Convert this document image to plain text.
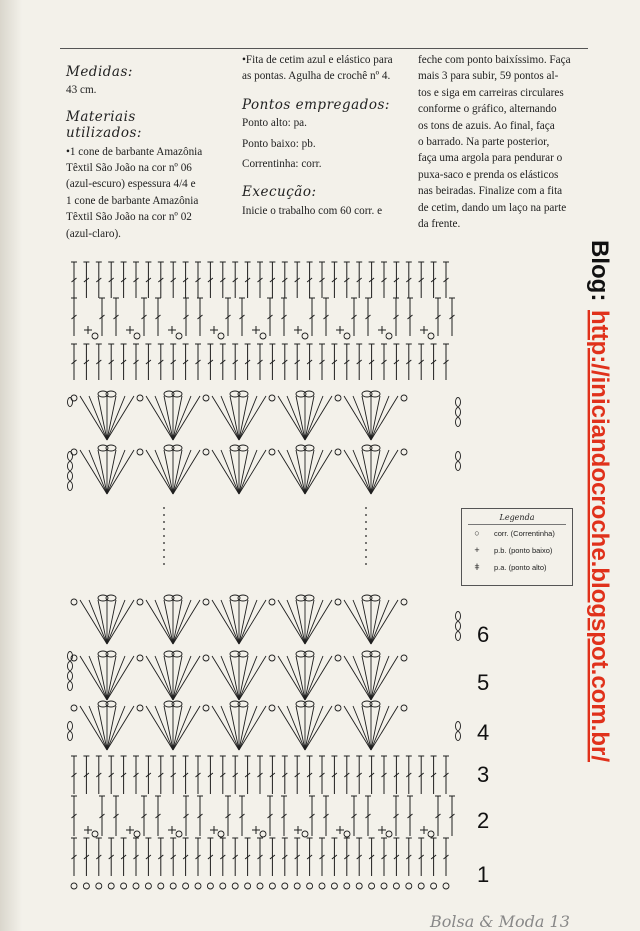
Medidas:

43 cm.

Materiais utilizados:

•1 cone de barbante Amazônia

Têxtil São João na cor nº 06

(azul-escuro) espessura 4/4 e

1 cone de barbante Amazônia

Têxtil São João na cor nº 02

(azul-claro).

•Fita de cetim azul e elástico para

as pontas. Agulha de crochê nº 4.

Pontos empregados:

Ponto alto: pa.

Ponto baixo: pb.

Correntinha: corr.

Execução:

Inicie o trabalho com 60 corr. e

feche com ponto baixíssimo. Faça

mais 3 para subir, 59 pontos al-

tos e siga em carreiras circulares

conforme o gráfico, alternando

os tons de azuis. Ao final, faça

o barrado. Na parte posterior,

faça uma argola para pendurar o

puxa-saco e prenda os elásticos

nas beiradas. Finalize com a fita

de cetim, dando um laço na parte

da frente.

6
5
4
3
2
1
Legenda
○	corr. (Correntinha)
+	p.b. (ponto baixo)
ǂ	p.a. (ponto alto)
Blog:
http://iniciandocroche.blogspot.com.br/
Bolsa & Moda 13
